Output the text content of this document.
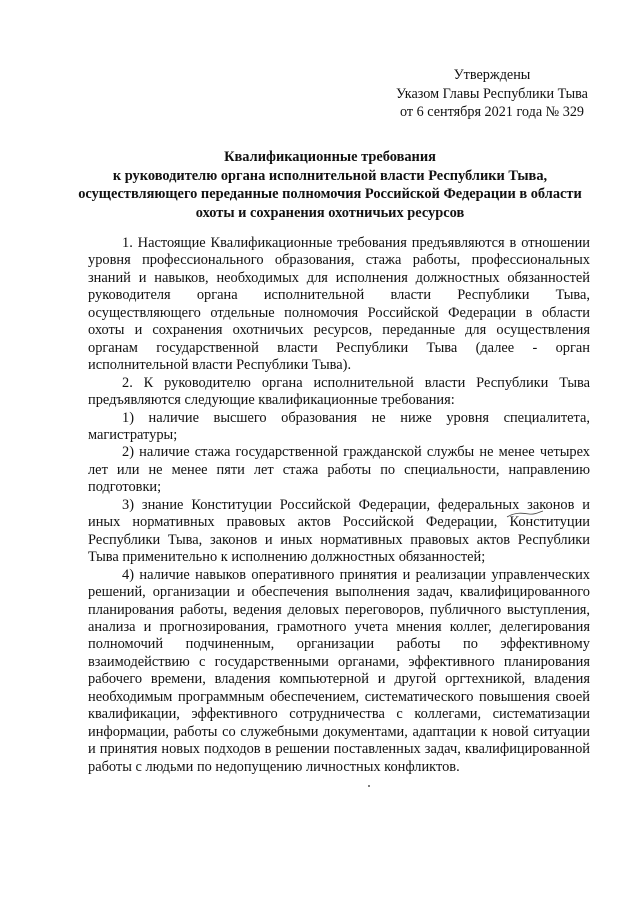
Утверждены
Указом Главы Республики Тыва
от 6 сентября 2021 года № 329
Квалификационные требования
к руководителю органа исполнительной власти Республики Тыва,
осуществляющего переданные полномочия Российской Федерации в области
охоты и сохранения охотничьих ресурсов

1. Настоящие Квалификационные требования предъявляются в отношении уровня профессионального образования, стажа работы, профессиональных знаний и навыков, необходимых для исполнения должностных обязанностей руководителя органа исполнительной власти Республики Тыва, осуществляющего отдельные полномочия Российской Федерации в области охоты и сохранения охотничьих ресурсов, переданные для осуществления органам государственной власти Республики Тыва (далее - орган исполнительной власти Республики Тыва).

2. К руководителю органа исполнительной власти Республики Тыва предъявляются следующие квалификационные требования:

1) наличие высшего образования не ниже уровня специалитета, магистратуры;

2) наличие стажа государственной гражданской службы не менее четырех лет или не менее пяти лет стажа работы по специальности, направлению подготовки;

3) знание Конституции Российской Федерации, федеральных законов и иных нормативных правовых актов Российской Федерации, Конституции Республики Тыва, законов и иных нормативных правовых актов Республики Тыва применительно к исполнению должностных обязанностей;

4) наличие навыков оперативного принятия и реализации управленческих решений, организации и обеспечения выполнения задач, квалифицированного планирования работы, ведения деловых переговоров, публичного выступления, анализа и прогнозирования, грамотного учета мнения коллег, делегирования полномочий подчиненным, организации работы по эффективному взаимодействию с государственными органами, эффективного планирования рабочего времени, владения компьютерной и другой оргтехникой, владения необходимым программным обеспечением, систематического повышения своей квалификации, эффективного сотрудничества с коллегами, систематизации информации, работы со служебными документами, адаптации к новой ситуации и принятия новых подходов в решении поставленных задач, квалифицированной работы с людьми по недопущению личностных конфликтов.
